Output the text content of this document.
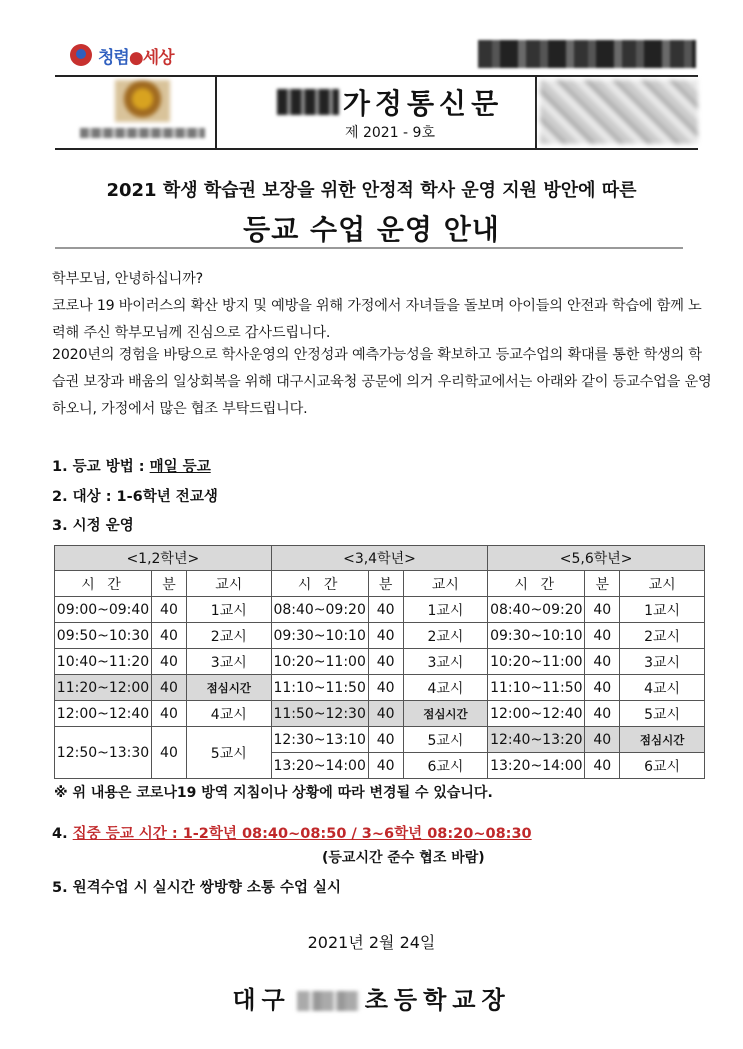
청렴●세상
가정통신문
제 2021 - 9호
2021 학생 학습권 보장을 위한 안정적 학사 운영 지원 방안에 따른
등교 수업 운영 안내
학부모님, 안녕하십니까?
코로나 19 바이러스의 확산 방지 및 예방을 위해 가정에서 자녀들을 돌보며 아이들의 안전과 학습에 함께 노력해 주신 학부모님께 진심으로 감사드립니다.
2020년의 경험을 바탕으로 학사운영의 안정성과 예측가능성을 확보하고 등교수업의 확대를 통한 학생의 학습권 보장과 배움의 일상회복을 위해 대구시교육청 공문에 의거 우리학교에서는 아래와 같이 등교수업을 운영하오니, 가정에서 많은 협조 부탁드립니다.
1. 등교 방법 : 매일 등교
2. 대상 : 1-6학년 전교생
3. 시정 운영
<1,2학년>			<3,4학년>			<5,6학년>		
시 간	분	교시	시 간	분	교시	시 간	분	교시
09:00~09:40	40	1교시	08:40~09:20	40	1교시	08:40~09:20	40	1교시
09:50~10:30	40	2교시	09:30~10:10	40	2교시	09:30~10:10	40	2교시
10:40~11:20	40	3교시	10:20~11:00	40	3교시	10:20~11:00	40	3교시
11:20~12:00	40	점심시간	11:10~11:50	40	4교시	11:10~11:50	40	4교시
12:00~12:40	40	4교시	11:50~12:30	40	점심시간	12:00~12:40	40	5교시
12:50~13:30	40	5교시	12:30~13:10	40	5교시	12:40~13:20	40	점심시간
			13:20~14:00	40	6교시	13:20~14:00	40	6교시
※ 위 내용은 코로나19 방역 지침이나 상황에 따라 변경될 수 있습니다.
4. 집중 등교 시간 : 1-2학년 08:40~08:50 / 3~6학년 08:20~08:30
(등교시간 준수 협조 바람)
5. 원격수업 시 실시간 쌍방향 소통 수업 실시
2021년 2월 24일
대구	초등학교장
